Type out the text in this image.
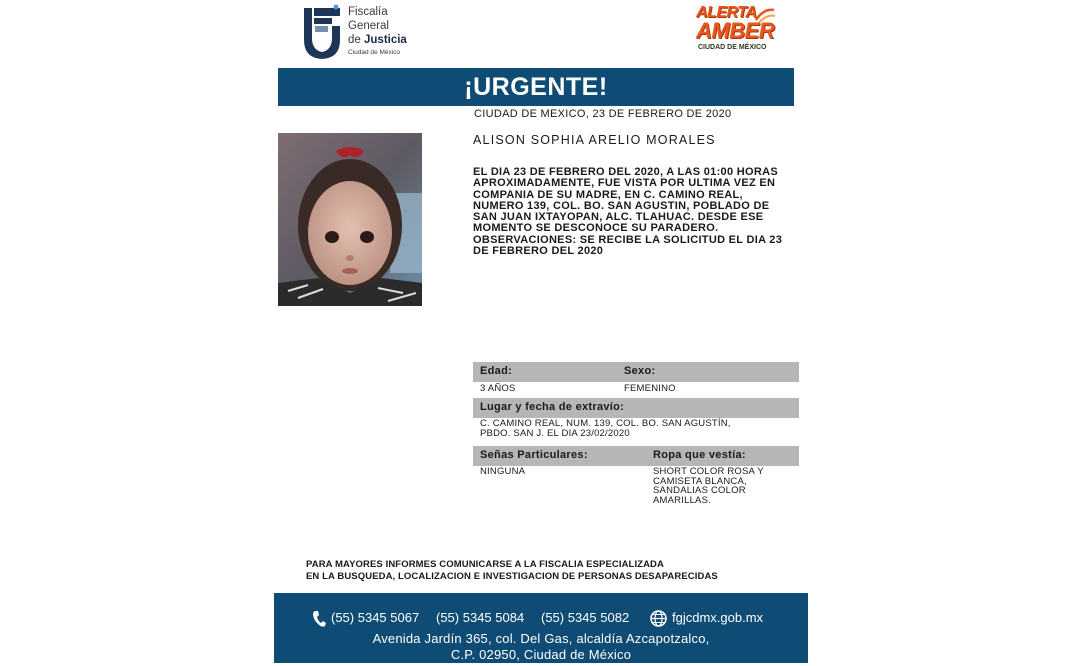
Fiscalía
General
de Justicia
Ciudad de México
ALERTA
AMBER
CIUDAD DE MÉXICO
¡URGENTE!
CIUDAD DE MEXICO, 23 DE FEBRERO DE 2020
ALISON SOPHIA ARELIO MORALES
EL DIA 23 DE FEBRERO DEL 2020, A LAS 01:00 HORAS
APROXIMADAMENTE, FUE VISTA POR ULTIMA VEZ EN
COMPANIA DE SU MADRE, EN C. CAMINO REAL,
NUMERO 139, COL. BO. SAN AGUSTIN, POBLADO DE
SAN JUAN IXTAYOPAN, ALC. TLAHUAC. DESDE ESE
MOMENTO SE DESCONOCE SU PARADERO.
OBSERVACIONES: SE RECIBE LA SOLICITUD EL DIA 23
DE FEBRERO DEL 2020
Edad:	Sexo:
3 AÑOS	FEMENINO
Lugar y fecha de extravío:
C. CAMINO REAL, NUM. 139, COL. BO. SAN AGUSTÍN,
PBDO. SAN J. EL DIA 23/02/2020
Señas Particulares:	Ropa que vestía:
NINGUNA	SHORT COLOR ROSA Y
CAMISETA BLANCA,
SANDALIAS COLOR
AMARILLAS.
PARA MAYORES INFORMES COMUNICARSE A LA FISCALIA ESPECIALIZADA
EN LA BUSQUEDA, LOCALIZACION E INVESTIGACION DE PERSONAS DESAPARECIDAS
(55) 5345 5067 (55) 5345 5084 (55) 5345 5082	fgjcdmx.gob.mx
Avenida Jardín 365, col. Del Gas, alcaldía Azcapotzalco,
C.P. 02950, Ciudad de México
